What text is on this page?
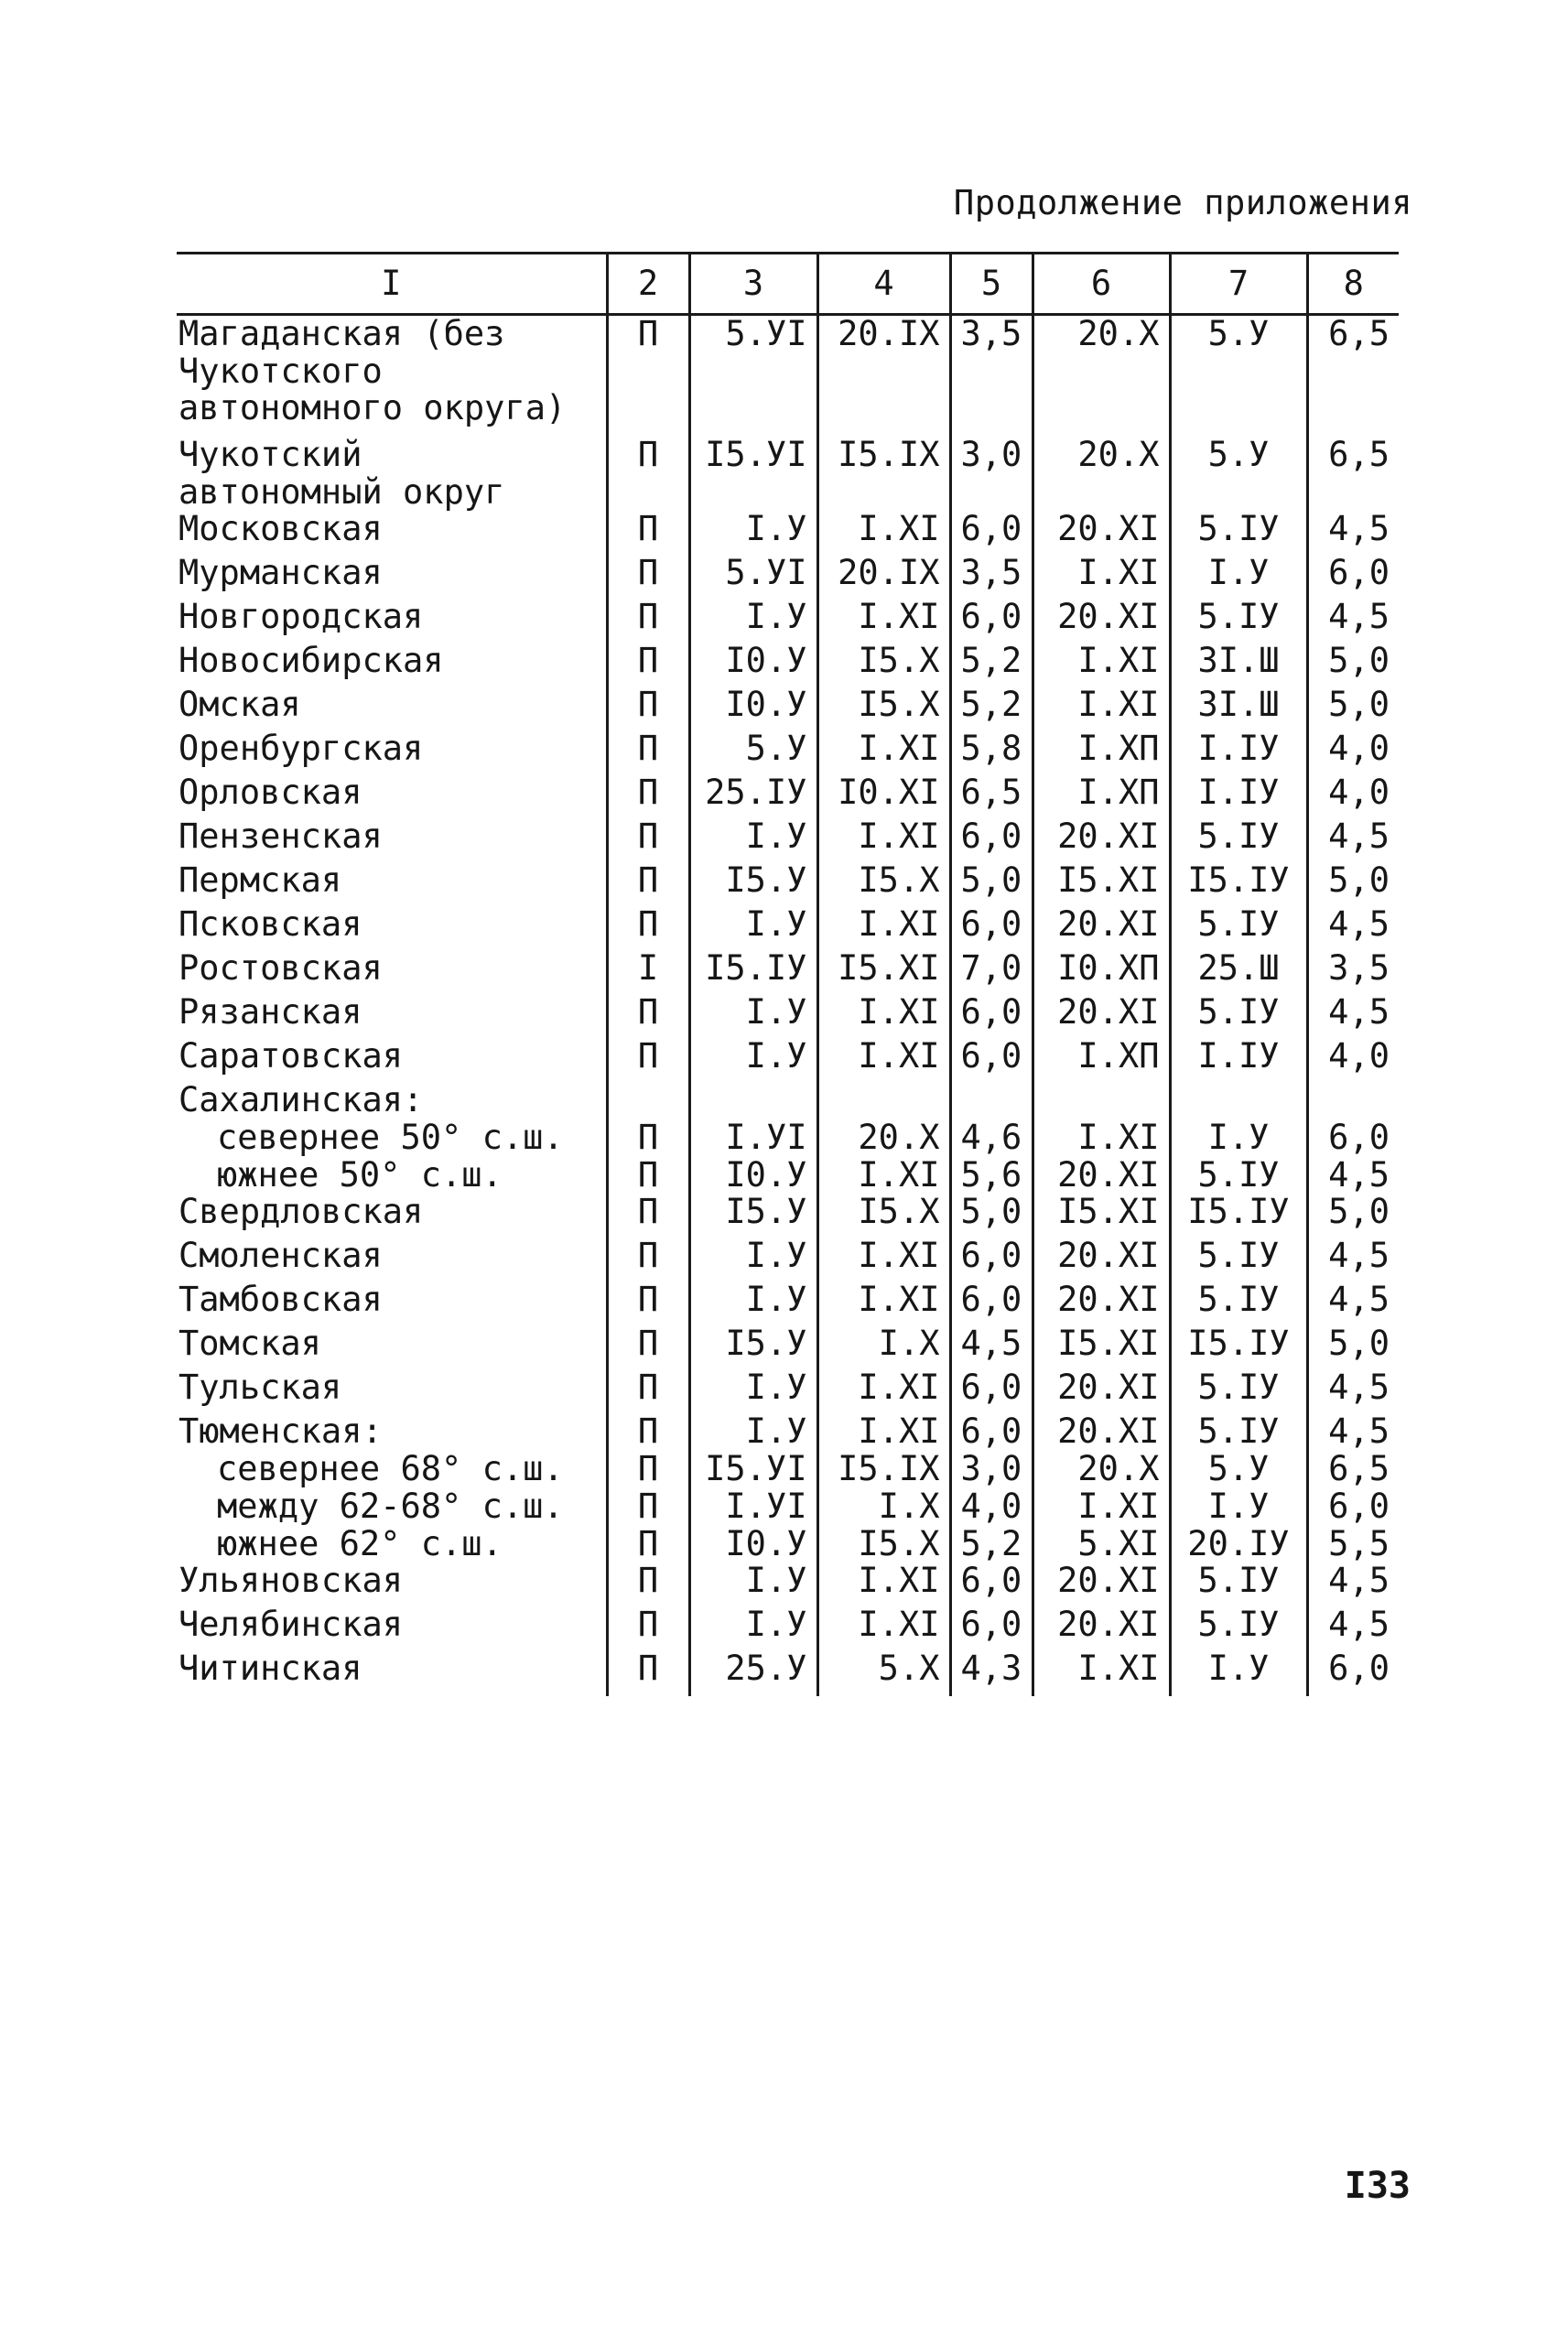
Продолжение приложения
I	2	3	4	5	6	7	8

Магаданская (без Чукотского автономного округа)	П	5.УI	20.IХ	3,5	20.Х	5.У	6,5

Чукотский автономный округ	П	I5.УI	I5.IХ	3,0	20.Х	5.У	6,5

Московская	П	I.У	I.ХI	6,0	20.ХI	5.IУ	4,5

Мурманская	П	5.УI	20.IХ	3,5	I.ХI	I.У	6,0

Новгородская	П	I.У	I.ХI	6,0	20.ХI	5.IУ	4,5

Новосибирская	П	I0.У	I5.Х	5,2	I.ХI	3I.Ш	5,0

Омская	П	I0.У	I5.Х	5,2	I.ХI	3I.Ш	5,0

Оренбургская	П	5.У	I.ХI	5,8	I.ХП	I.IУ	4,0

Орловская	П	25.IУ	I0.ХI	6,5	I.ХП	I.IУ	4,0

Пензенская	П	I.У	I.ХI	6,0	20.ХI	5.IУ	4,5

Пермская	П	I5.У	I5.Х	5,0	I5.ХI	I5.IУ	5,0

Псковская	П	I.У	I.ХI	6,0	20.ХI	5.IУ	4,5

Ростовская	I	I5.IУ	I5.ХI	7,0	I0.ХП	25.Ш	3,5

Рязанская	П	I.У	I.ХI	6,0	20.ХI	5.IУ	4,5

Саратовская	П	I.У	I.ХI	6,0	I.ХП	I.IУ	4,0

Сахалинская:							

севернее 50° с.ш.	П	I.УI	20.Х	4,6	I.ХI	I.У	6,0

южнее 50° с.ш.	П	I0.У	I.ХI	5,6	20.ХI	5.IУ	4,5

Свердловская	П	I5.У	I5.Х	5,0	I5.ХI	I5.IУ	5,0

Смоленская	П	I.У	I.ХI	6,0	20.ХI	5.IУ	4,5

Тамбовская	П	I.У	I.ХI	6,0	20.ХI	5.IУ	4,5

Томская	П	I5.У	I.Х	4,5	I5.ХI	I5.IУ	5,0

Тульская	П	I.У	I.ХI	6,0	20.ХI	5.IУ	4,5

Тюменская:	П	I.У	I.ХI	6,0	20.ХI	5.IУ	4,5

севернее 68° с.ш.	П	I5.УI	I5.IХ	3,0	20.Х	5.У	6,5

между 62-68° с.ш.	П	I.УI	I.Х	4,0	I.ХI	I.У	6,0

южнее 62° с.ш.	П	I0.У	I5.Х	5,2	5.ХI	20.IУ	5,5

Ульяновская	П	I.У	I.ХI	6,0	20.ХI	5.IУ	4,5

Челябинская	П	I.У	I.ХI	6,0	20.ХI	5.IУ	4,5

Читинская	П	25.У	5.Х	4,3	I.ХI	I.У	6,0
I33
